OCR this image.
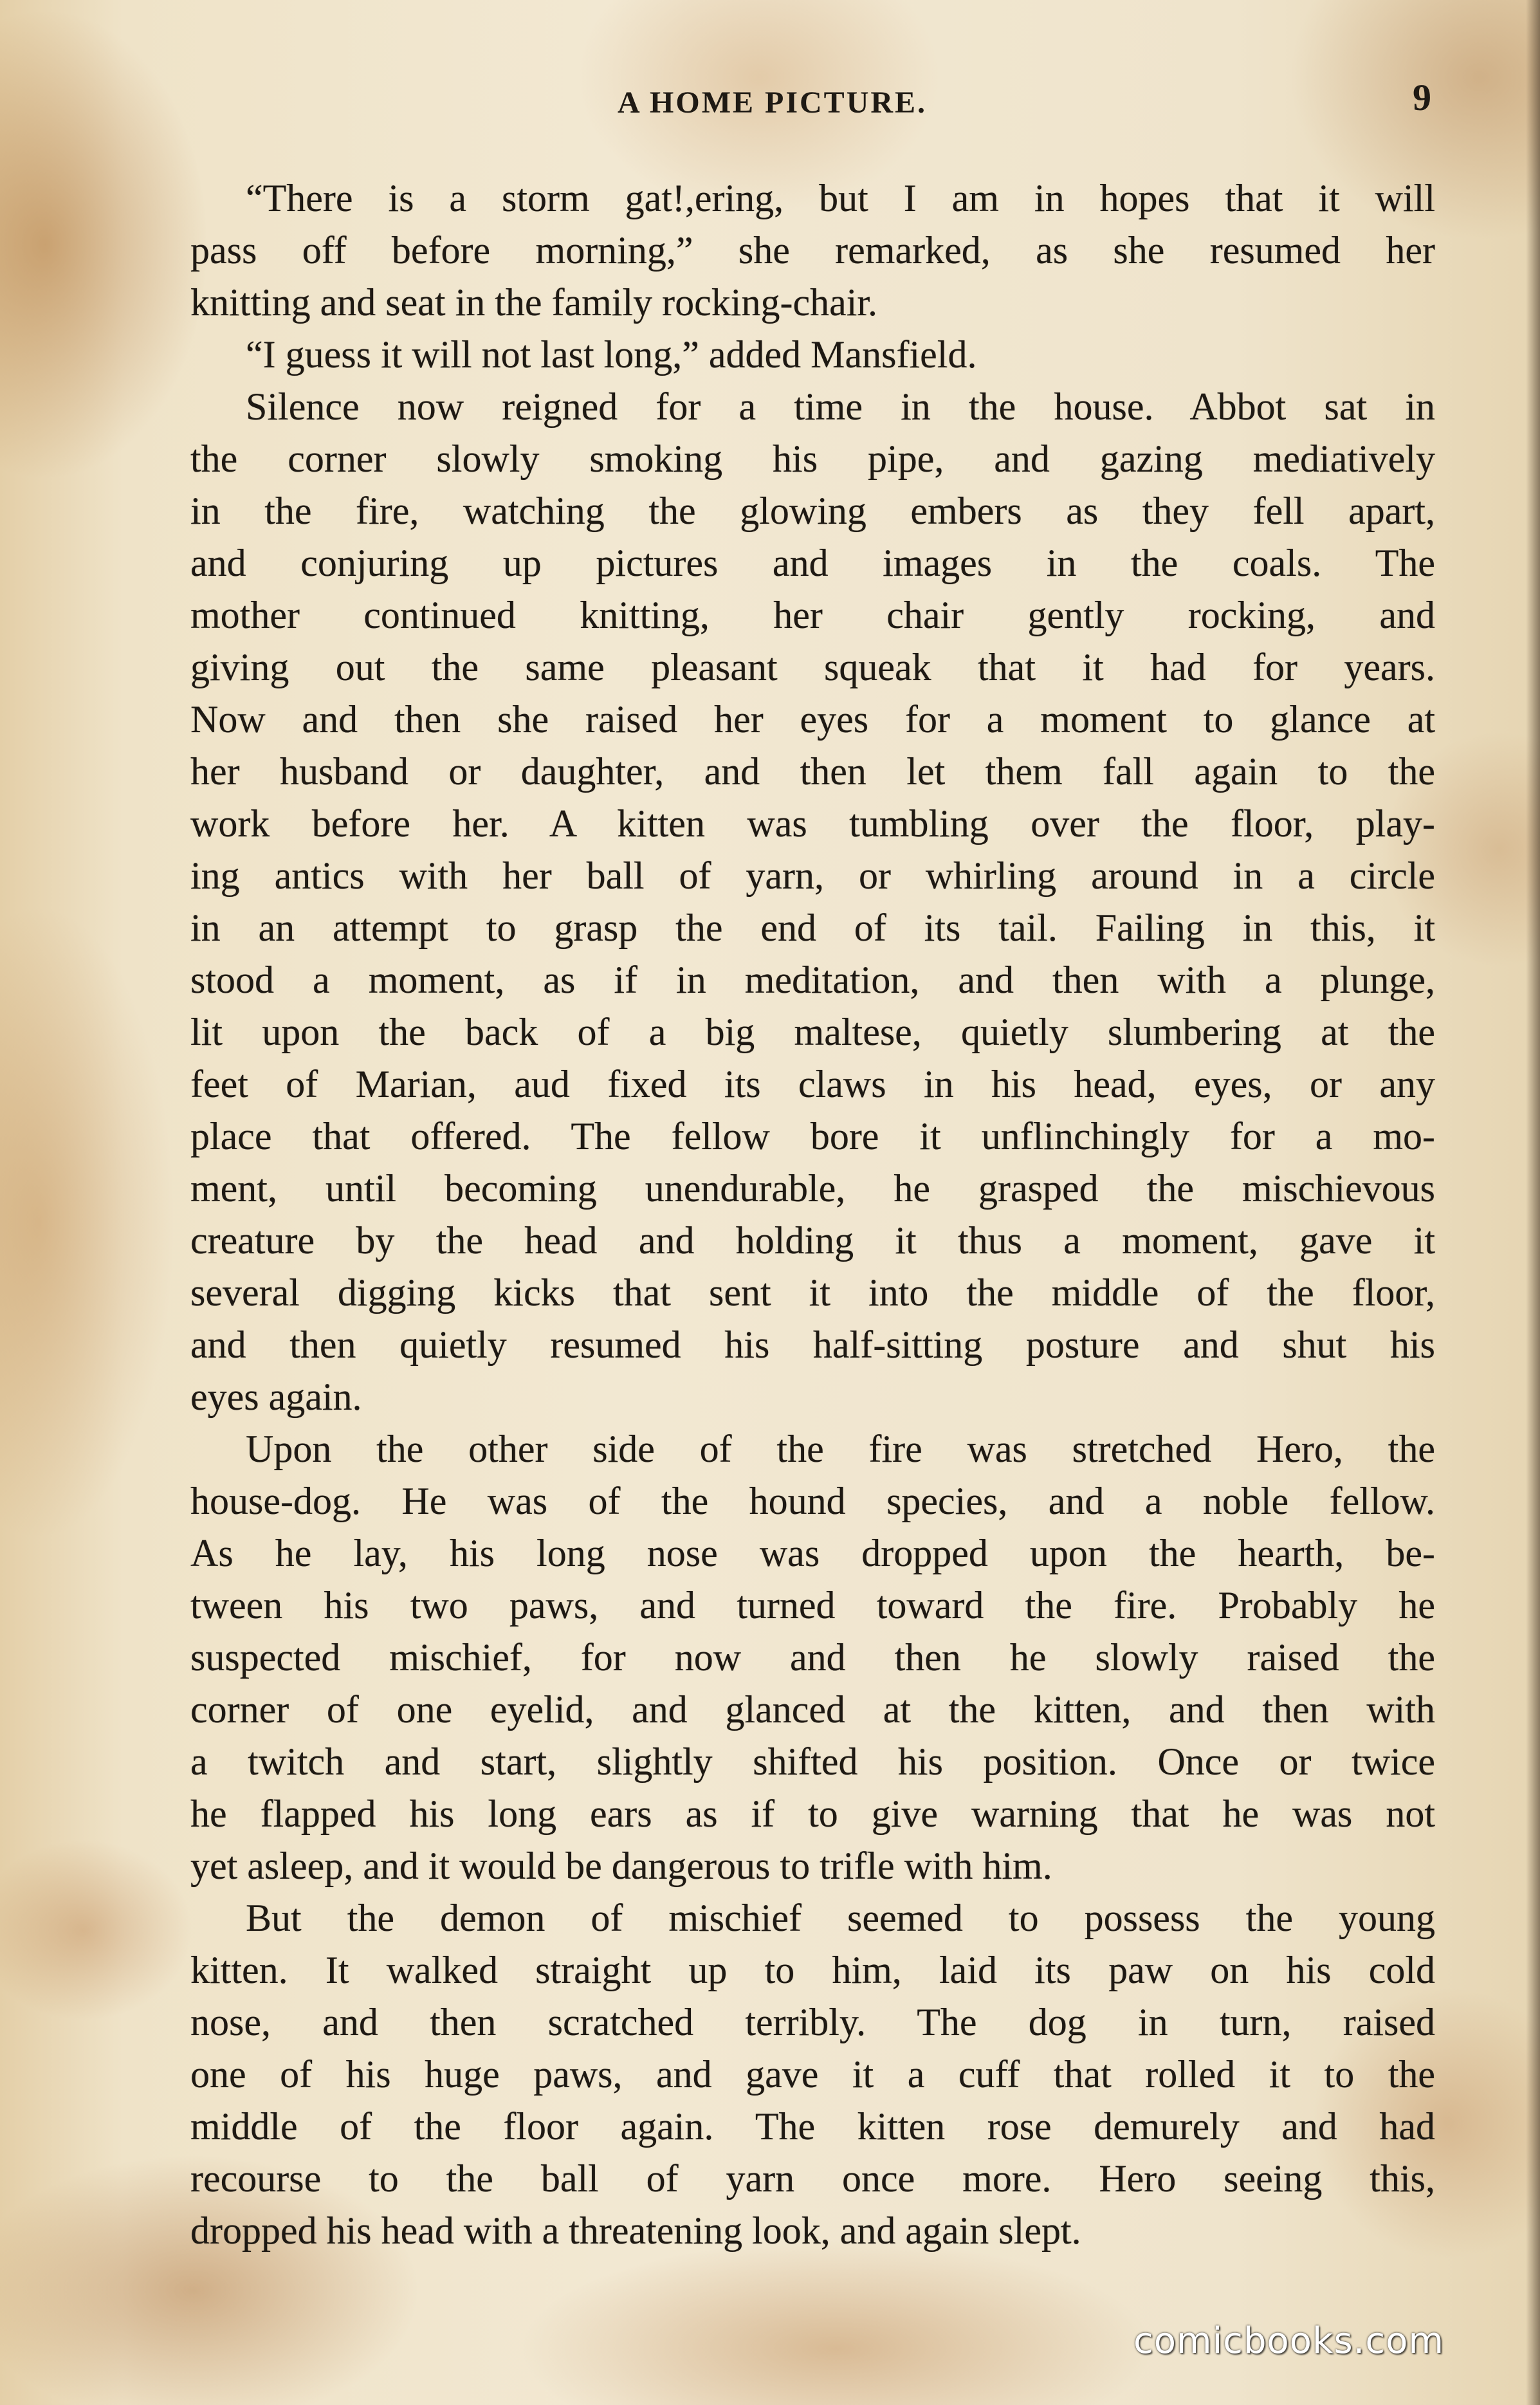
A HOME PICTURE.	9
“There is a storm gat!,ering, but I am in hopes that it will
pass off before morning,” she remarked, as she resumed her
knitting and seat in the family rocking-chair.
“I guess it will not last long,” added Mansfield.
Silence now reigned for a time in the house. Abbot sat in
the corner slowly smoking his pipe, and gazing mediatively
in the fire, watching the glowing embers as they fell apart,
and conjuring up pictures and images in the coals. The
mother continued knitting, her chair gently rocking, and
giving out the same pleasant squeak that it had for years.
Now and then she raised her eyes for a moment to glance at
her husband or daughter, and then let them fall again to the
work before her. A kitten was tumbling over the floor, play-
ing antics with her ball of yarn, or whirling around in a circle
in an attempt to grasp the end of its tail. Failing in this, it
stood a moment, as if in meditation, and then with a plunge,
lit upon the back of a big maltese, quietly slumbering at the
feet of Marian, aud fixed its claws in his head, eyes, or any
place that offered. The fellow bore it unflinchingly for a mo-
ment, until becoming unendurable, he grasped the mischievous
creature by the head and holding it thus a moment, gave it
several digging kicks that sent it into the middle of the floor,
and then quietly resumed his half-sitting posture and shut his
eyes again.
Upon the other side of the fire was stretched Hero, the
house-dog. He was of the hound species, and a noble fellow.
As he lay, his long nose was dropped upon the hearth, be-
tween his two paws, and turned toward the fire. Probably he
suspected mischief, for now and then he slowly raised the
corner of one eyelid, and glanced at the kitten, and then with
a twitch and start, slightly shifted his position. Once or twice
he flapped his long ears as if to give warning that he was not
yet asleep, and it would be dangerous to trifle with him.
But the demon of mischief seemed to possess the young
kitten. It walked straight up to him, laid its paw on his cold
nose, and then scratched terribly. The dog in turn, raised
one of his huge paws, and gave it a cuff that rolled it to the
middle of the floor again. The kitten rose demurely and had
recourse to the ball of yarn once more. Hero seeing this,
dropped his head with a threatening look, and again slept.
comicbooks.com
